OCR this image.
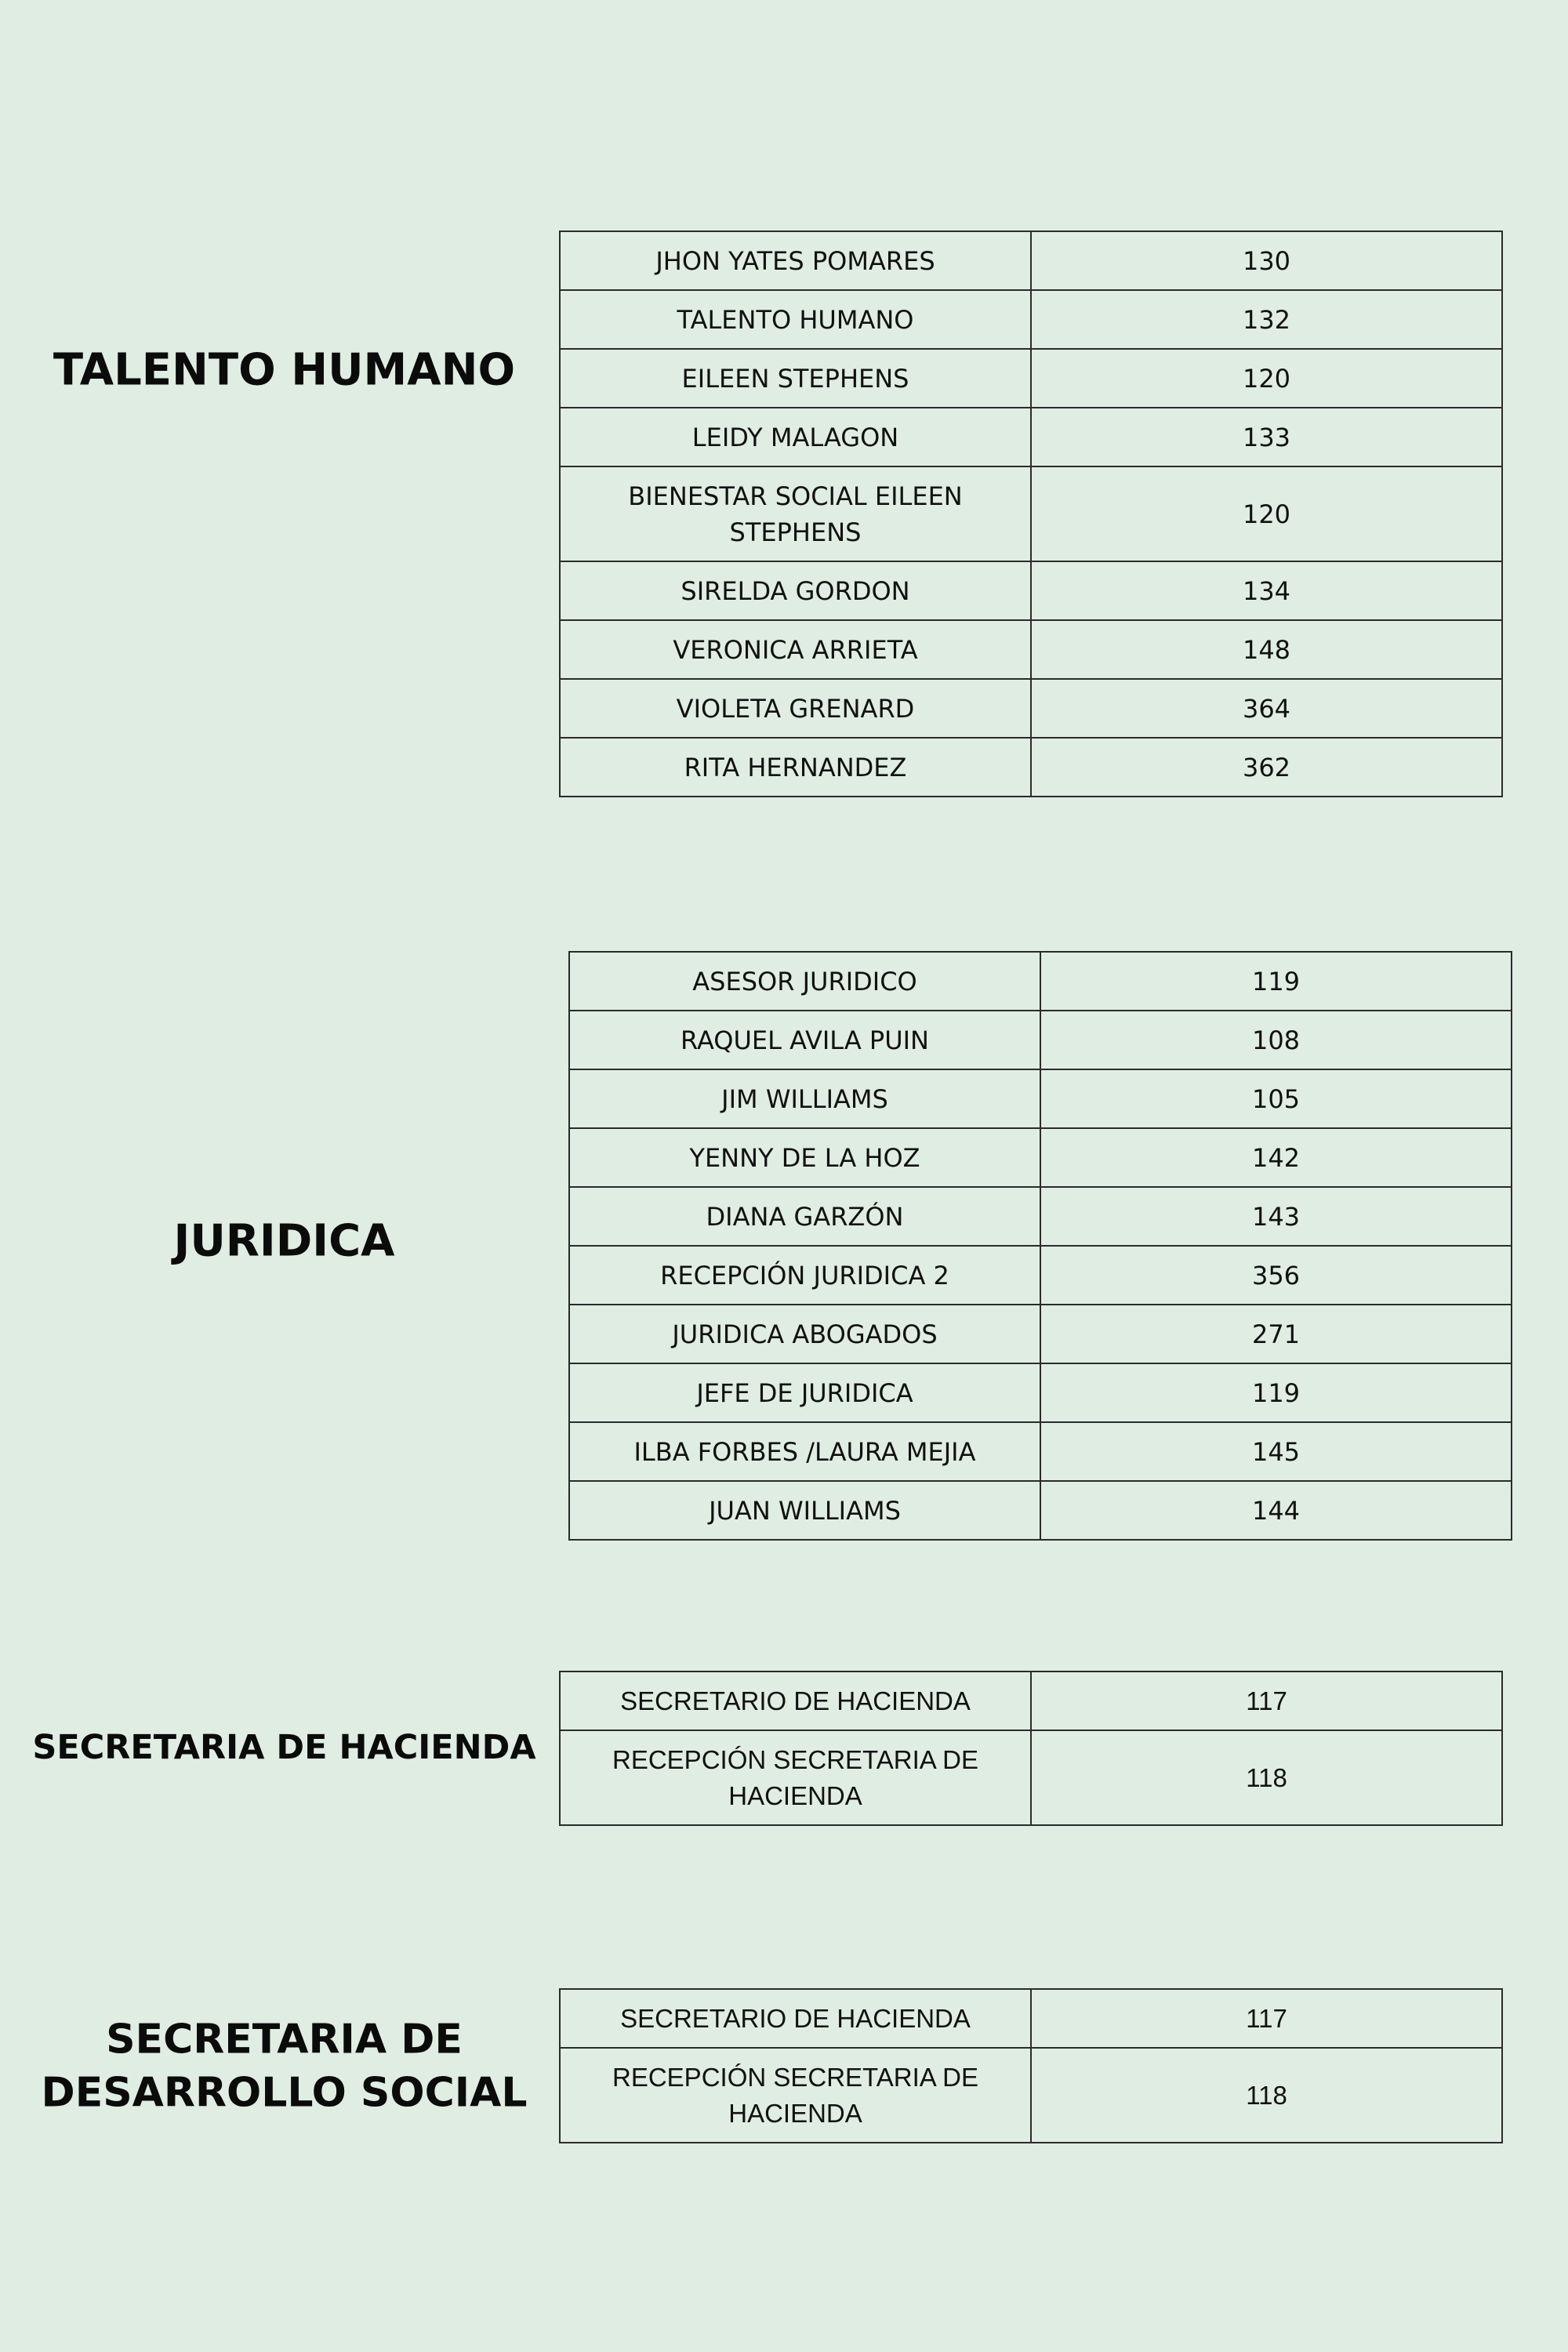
TALENTO HUMANO
JHON YATES POMARES	130
TALENTO HUMANO	132
EILEEN STEPHENS	120
LEIDY MALAGON	133
BIENESTAR SOCIAL EILEEN STEPHENS	120
SIRELDA GORDON	134
VERONICA ARRIETA	148
VIOLETA GRENARD	364
RITA HERNANDEZ	362
JURIDICA
ASESOR JURIDICO	119
RAQUEL AVILA PUIN	108
JIM WILLIAMS	105
YENNY DE LA HOZ	142
DIANA GARZÓN	143
RECEPCIÓN JURIDICA 2	356
JURIDICA ABOGADOS	271
JEFE DE JURIDICA	119
ILBA FORBES /LAURA MEJIA	145
JUAN WILLIAMS	144
SECRETARIA DE HACIENDA
SECRETARIO DE HACIENDA	117
RECEPCIÓN SECRETARIA DE HACIENDA	118
SECRETARIA DE
DESARROLLO SOCIAL
SECRETARIO DE HACIENDA	117
RECEPCIÓN SECRETARIA DE HACIENDA	118
